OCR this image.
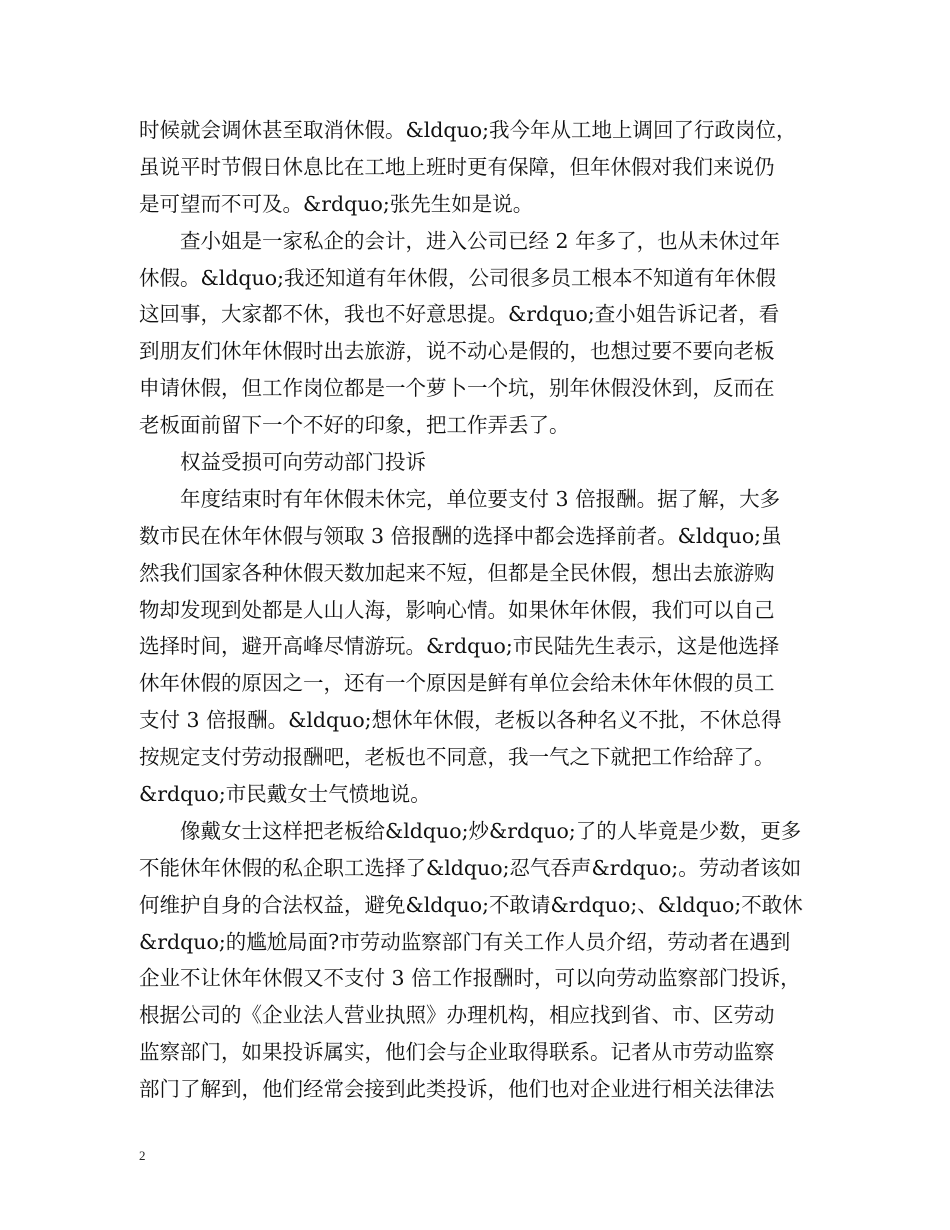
时候就会调休甚至取消休假。&ldquo;我今年从工地上调回了行政岗位，
虽说平时节假日休息比在工地上班时更有保障，但年休假对我们来说仍
是可望而不可及。&rdquo;张先生如是说。
查小姐是一家私企的会计，进入公司已经 2 年多了，也从未休过年
休假。&ldquo;我还知道有年休假，公司很多员工根本不知道有年休假
这回事，大家都不休，我也不好意思提。&rdquo;查小姐告诉记者，看
到朋友们休年休假时出去旅游，说不动心是假的，也想过要不要向老板
申请休假，但工作岗位都是一个萝卜一个坑，别年休假没休到，反而在
老板面前留下一个不好的印象，把工作弄丢了。
权益受损可向劳动部门投诉
年度结束时有年休假未休完，单位要支付 3 倍报酬。据了解，大多
数市民在休年休假与领取 3 倍报酬的选择中都会选择前者。&ldquo;虽
然我们国家各种休假天数加起来不短，但都是全民休假，想出去旅游购
物却发现到处都是人山人海，影响心情。如果休年休假，我们可以自己
选择时间，避开高峰尽情游玩。&rdquo;市民陆先生表示，这是他选择
休年休假的原因之一，还有一个原因是鲜有单位会给未休年休假的员工
支付 3 倍报酬。&ldquo;想休年休假，老板以各种名义不批，不休总得
按规定支付劳动报酬吧，老板也不同意，我一气之下就把工作给辞了。
&rdquo;市民戴女士气愤地说。
像戴女士这样把老板给&ldquo;炒&rdquo;了的人毕竟是少数，更多
不能休年休假的私企职工选择了&ldquo;忍气吞声&rdquo;。劳动者该如
何维护自身的合法权益，避免&ldquo;不敢请&rdquo;、&ldquo;不敢休
&rdquo;的尴尬局面?市劳动监察部门有关工作人员介绍，劳动者在遇到
企业不让休年休假又不支付 3 倍工作报酬时，可以向劳动监察部门投诉，
根据公司的《企业法人营业执照》办理机构，相应找到省、市、区劳动
监察部门，如果投诉属实，他们会与企业取得联系。记者从市劳动监察
部门了解到，他们经常会接到此类投诉，他们也对企业进行相关法律法
2
